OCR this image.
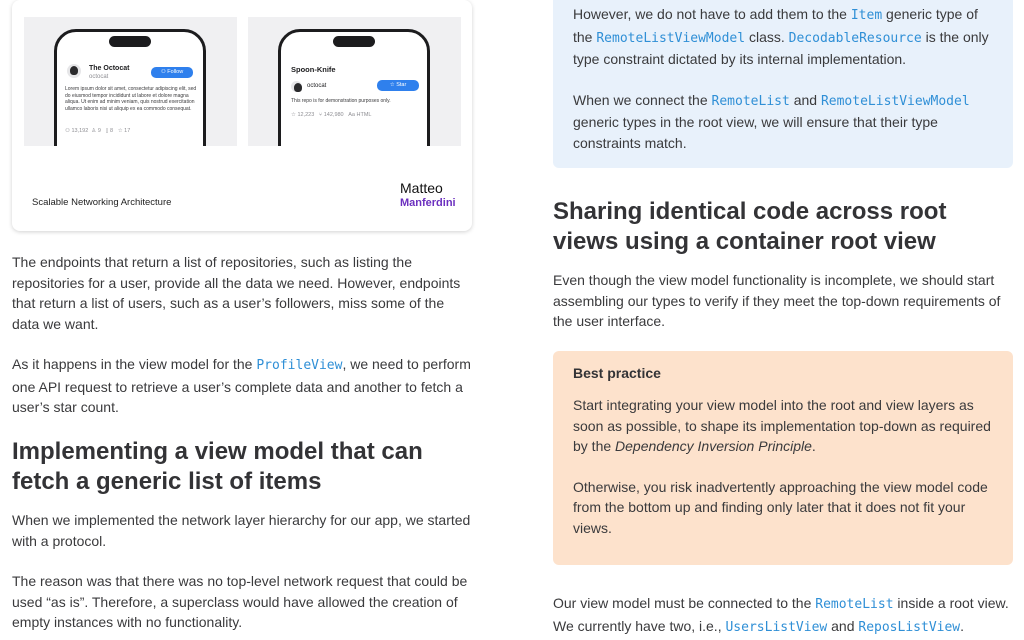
The Octocat
octocat
⚇ Follow
Lorem ipsum dolor sit amet, consectetur adipiscing elit, sed do eiusmod tempor incididunt ut labore et dolore magna aliqua. Ut enim ad minim veniam, quis nostrud exercitation ullamco laboris nisi ut aliquip ex ea commodo consequat.
⚇ 13,192 ♙ 9 ▯ 8 ☆ 17
Spoon-Knife
octocat	☆ Star
This repo is for demonstration purposes only.
☆ 12,223 ⑂ 142,980 Aa HTML
Scalable Networking Architecture
Matteo
Manferdini

The endpoints that return a list of repositories, such as listing the repositories for a user, provide all the data we need. However, endpoints that return a list of users, such as a user’s followers, miss some of the data we want.

As it happens in the view model for the ProfileView, we need to perform one API request to retrieve a user’s complete data and another to fetch a user’s star count.

Implementing a view model that can fetch a generic list of items

When we implemented the network layer hierarchy for our app, we started with a protocol.

The reason was that there was no top-level network request that could be used “as is”. Therefore, a superclass would have allowed the creation of empty instances with no functionality.

However, we do not have to add them to the Item generic type of the RemoteListViewModel class. DecodableResource is the only type constraint dictated by its internal implementation.

When we connect the RemoteList and RemoteListViewModel generic types in the root view, we will ensure that their type constraints match.

Sharing identical code across root views using a container root view

Even though the view model functionality is incomplete, we should start assembling our types to verify if they meet the top-down requirements of the user interface.

Best practice

Start integrating your view model into the root and view layers as soon as possible, to shape its implementation top-down as required by the Dependency Inversion Principle.

Otherwise, you risk inadvertently approaching the view model code from the bottom up and finding only later that it does not fit your views.

Our view model must be connected to the RemoteList inside a root view. We currently have two, i.e., UsersListView and ReposListView.
